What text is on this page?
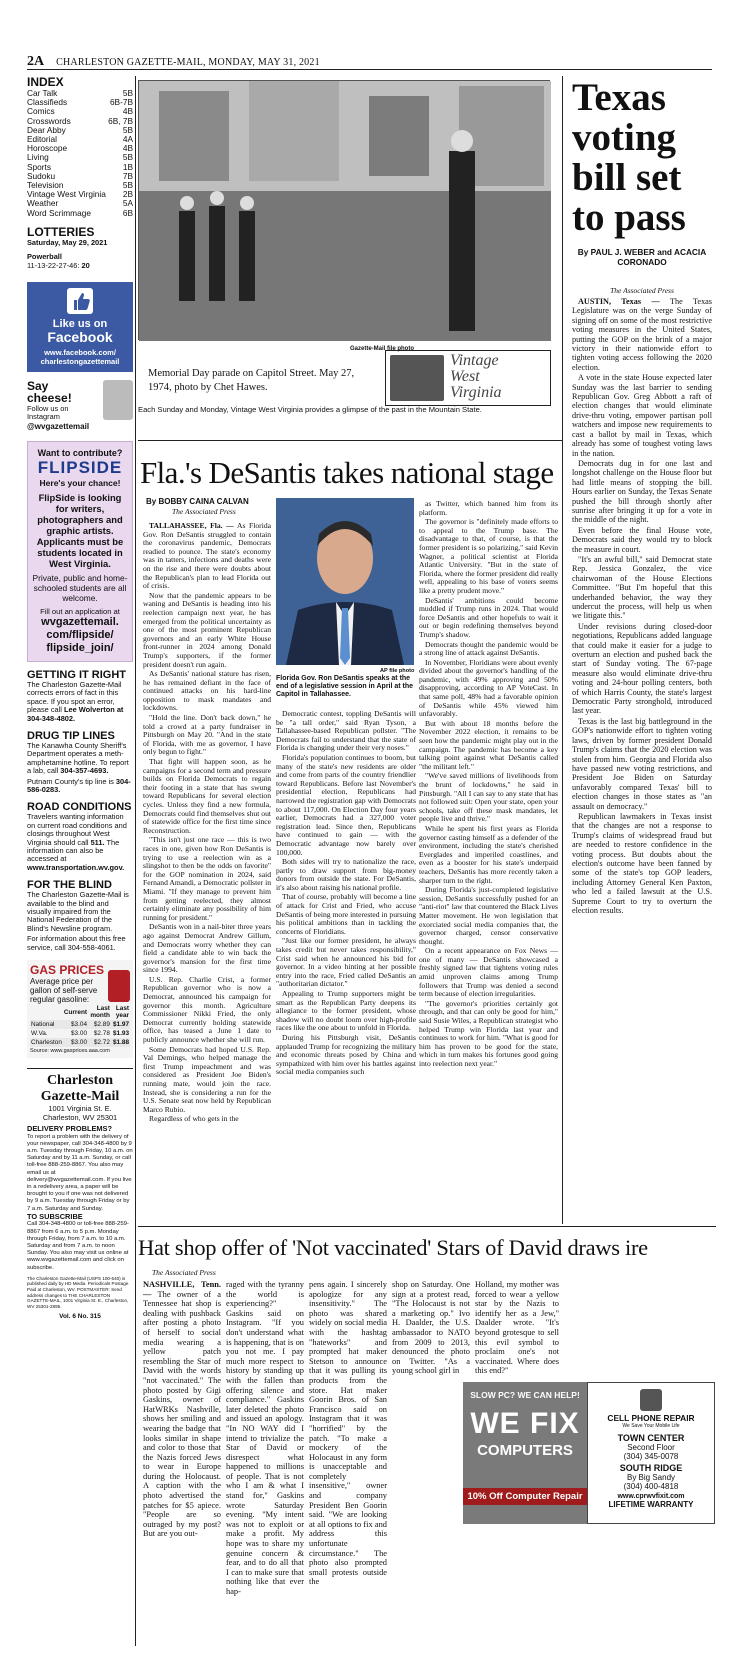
2A CHARLESTON GAZETTE-MAIL, MONDAY, MAY 31, 2021
INDEX
Car Talk	5B
Classifieds	6B-7B
Comics	4B
Crosswords	6B, 7B
Dear Abby	5B
Editorial	4A
Horoscope	4B
Living	5B
Sports	1B
Sudoku	7B
Television	5B
Vintage West Virginia 2B
Weather	5A
Word Scrimmage	6B
LOTTERIES
Saturday, May 29, 2021
Powerball
11-13-22-27-46: 20
Like us on
Facebook
www.facebook.com/
charlestongazettemail
Say
cheese!
Follow us on
Instagram
@wvgazettemail
Want to contribute?
FLIPSIDE
Here's your chance!
FlipSide is looking for writers, photographers and graphic artists. Applicants must be students located in West Virginia.
Private, public and home-schooled students are all welcome.
Fill out an application at
wvgazettemail. com/flipside/ flipside_join/
GETTING IT RIGHT
The Charleston Gazette-Mail corrects errors of fact in this space. If you spot an error, please call Lee Wolverton at 304-348-4802.
DRUG TIP LINES
The Kanawha County Sheriff's Department operates a meth-amphetamine hotline. To report a lab, call 304-357-4693.
Putnam County's tip line is 304-586-0283.
ROAD CONDITIONS
Travelers wanting information on current road conditions and closings throughout West Virginia should call 511. The information can also be accessed at www.transportation.wv.gov.
FOR THE BLIND
The Charleston Gazette-Mail is available to the blind and visually impaired from the National Federation of the Blind's Newsline program.
For information about this free service, call 304-558-4061.
GAS PRICES
Average price per gallon of self-serve regular gasoline:
	Current	Last month	Last year
National	$3.04	$2.89	$1.97
W.Va.	$3.00	$2.78	$1.93
Charleston	$3.00	$2.72	$1.88
Source: www.gasprices.aaa.com
Charleston Gazette-Mail
1001 Virginia St. E.
Charleston, WV 25301
DELIVERY PROBLEMS?
To report a problem with the delivery of your newspaper, call 304-348-4800 by 9 a.m. Tuesday through Friday, 10 a.m. on Saturday and by 11 a.m. Sunday, or call toll-free 888-259-8867. You also may email us at delivery@wvgazettemail.com. If you live in a redelivery area, a paper will be brought to you if one was not delivered by 9 a.m. Tuesday through Friday or by 7 a.m. Saturday and Sunday.
TO SUBSCRIBE
Call 304-348-4800 or toll-free 888-259-8867 from 6 a.m. to 5 p.m. Monday through Friday, from 7 a.m. to 10 a.m. Saturday and from 7 a.m. to noon Sunday. You also may visit us online at www.wvgazettemail.com and click on subscribe.
The Charleston Gazette-Mail (USPS 100-540) is published daily by HD Media. Periodicals Postage Paid at Charleston, WV. POSTMASTER: Send address changes to THE CHARLESTON GAZETTE-MAIL, 1001 Virginia St. E., Charleston, WV 25301-2895.
Vol. 6 No. 315
Gazette-Mail file photo
Memorial Day parade on Capitol Street. May 27, 1974, photo by Chet Hawes.
Vintage
West
Virginia
Each Sunday and Monday, Vintage West Virginia provides a glimpse of the past in the Mountain State.
Fla.'s DeSantis takes national stage
By BOBBY CAINA CALVAN
The Associated Press

TALLAHASSEE, Fla. — As Florida Gov. Ron DeSantis struggled to contain the coronavirus pandemic, Democrats readied to pounce. The state's economy was in tatters, infections and deaths were on the rise and there were doubts about the Republican's plan to lead Florida out of crisis.

Now that the pandemic appears to be waning and DeSantis is heading into his reelection campaign next year, he has emerged from the political uncertainty as one of the most prominent Republican governors and an early White House front-runner in 2024 among Donald Trump's supporters, if the former president doesn't run again.

As DeSantis' national stature has risen, he has remained defiant in the face of continued attacks on his hard-line opposition to mask mandates and lockdowns.

"Hold the line. Don't back down," he told a crowd at a party fundraiser in Pittsburgh on May 20. "And in the state of Florida, with me as governor, I have only begun to fight."

That fight will happen soon, as he campaigns for a second term and pressure builds on Florida Democrats to regain their footing in a state that has swung toward Republicans for several election cycles. Unless they find a new formula, Democrats could find themselves shut out of statewide office for the first time since Reconstruction.

"This isn't just one race — this is two races in one, given how Ron DeSantis is trying to use a reelection win as a slingshot to then be the odds on favorite" for the GOP nomination in 2024, said Fernand Amandi, a Democratic pollster in Miami. "If they manage to prevent him from getting reelected, they almost certainly eliminate any possibility of him running for president."

DeSantis won in a nail-biter three years ago against Democrat Andrew Gillum, and Democrats worry whether they can field a candidate able to win back the governor's mansion for the first time since 1994.

U.S. Rep. Charlie Crist, a former Republican governor who is now a Democrat, announced his campaign for governor this month. Agriculture Commissioner Nikki Fried, the only Democrat currently holding statewide office, has teased a June 1 date to publicly announce whether she will run.

Some Democrats had hoped U.S. Rep. Val Demings, who helped manage the first Trump impeachment and was considered as President Joe Biden's running mate, would join the race. Instead, she is considering a run for the U.S. Senate seat now held by Republican Marco Rubio.

Regardless of who gets in the

AP file photo
Florida Gov. Ron DeSantis speaks at the end of a legislative session in April at the Capitol in Tallahassee.

Democratic contest, toppling DeSantis will be "a tall order," said Ryan Tyson, a Tallahassee-based Republican pollster. "The Democrats fail to understand that the state of Florida is changing under their very noses."

Florida's population continues to boom, but many of the state's new residents are older and come from parts of the country friendlier toward Republicans. Before last November's presidential election, Republicans had narrowed the registration gap with Democrats to about 117,000. On Election Day four years earlier, Democrats had a 327,000 voter registration lead. Since then, Republicans have continued to gain — with the Democratic advantage now barely over 100,000.

Both sides will try to nationalize the race, partly to draw support from big-money donors from outside the state. For DeSantis, it's also about raising his national profile.

That of course, probably will become a line of attack for Crist and Fried, who accuse DeSantis of being more interested in pursuing his political ambitions than in tackling the concerns of Floridians.

"Just like our former president, he always takes credit but never takes responsibility," Crist said when he announced his bid for governor. In a video hinting at her possible entry into the race, Fried called DeSantis an "authoritarian dictator."

Appealing to Trump supporters might be smart as the Republican Party deepens its allegiance to the former president, whose shadow will no doubt loom over high-profile races like the one about to unfold in Florida.

During his Pittsburgh visit, DeSantis applauded Trump for recognizing the military and economic threats posed by China and sympathized with him over his battles against social media companies such

as Twitter, which banned him from its platform.

The governor is "definitely made efforts to to appeal to the Trump base. The disadvantage to that, of course, is that the former president is so polarizing," said Kevin Wagner, a political scientist at Florida Atlantic University. "But in the state of Florida, where the former president did really well, appealing to his base of voters seems like a pretty prudent move."

DeSantis' ambitions could become muddled if Trump runs in 2024. That would force DeSantis and other hopefuls to wait it out or begin redefining themselves beyond Trump's shadow.

Democrats thought the pandemic would be a strong line of attack against DeSantis.

In November, Floridians were about evenly divided about the governor's handling of the pandemic, with 49% approving and 50% disapproving, according to AP VoteCast. In that same poll, 48% had a favorable opinion of DeSantis while 45% viewed him unfavorably.

But with about 18 months before the November 2022 election, it remains to be seen how the pandemic might play out in the campaign. The pandemic has become a key talking point against what DeSantis called "the militant left."

"We've saved millions of livelihoods from the brunt of lockdowns," he said in Pittsburgh. "All I can say to any state that has not followed suit: Open your state, open your schools, take off these mask mandates, let people live and thrive."

While he spent his first years as Florida governor casting himself as a defender of the environment, including the state's cherished Everglades and imperiled coastlines, and even as a booster for his state's underpaid teachers, DeSantis has more recently taken a sharper turn to the right.

During Florida's just-completed legislative session, DeSantis successfully pushed for an "anti-riot" law that countered the Black Lives Matter movement. He won legislation that exorciated social media companies that, the governor charged, censor conservative thought.

On a recent appearance on Fox News — one of many — DeSantis showcased a freshly signed law that tightens voting rules amid unproven claims among Trump followers that Trump was denied a second term because of election irregularities.

"The governor's priorities certainly got through, and that can only be good for him," said Susie Wiles, a Republican strategist who helped Trump win Florida last year and continues to work for him. "What is good for him has proven to be good for the state, which in turn makes his fortunes good going into reelection next year."

Texas voting bill set to pass
By PAUL J. WEBER and ACACIA CORONADO
The Associated Press

AUSTIN, Texas — The Texas Legislature was on the verge Sunday of signing off on some of the most restrictive voting measures in the United States, putting the GOP on the brink of a major victory in their nationwide effort to tighten voting access following the 2020 election.

A vote in the state House expected later Sunday was the last barrier to sending Republican Gov. Greg Abbott a raft of election changes that would eliminate drive-thru voting, empower partisan poll watchers and impose new requirements to cast a ballot by mail in Texas, which already has some of toughest voting laws in the nation.

Democrats dug in for one last and longshot challenge on the House floor but had little means of stopping the bill. Hours earlier on Sunday, the Texas Senate pushed the bill through shortly after sunrise after bringing it up for a vote in the middle of the night.

Even before the final House vote, Democrats said they would try to block the measure in court.

"It's an awful bill," said Democrat state Rep. Jessica Gonzalez, the vice chairwoman of the House Elections Committee. "But I'm hopeful that this underhanded behavior, the way they undercut the process, will help us when we litigate this."

Under revisions during closed-door negotiations, Republicans added language that could make it easier for a judge to overturn an election and pushed back the start of Sunday voting. The 67-page measure also would eliminate drive-thru voting and 24-hour polling centers, both of which Harris County, the state's largest Democratic Party stronghold, introduced last year.

Texas is the last big battleground in the GOP's nationwide effort to tighten voting laws, driven by former president Donald Trump's claims that the 2020 election was stolen from him. Georgia and Florida also have passed new voting restrictions, and President Joe Biden on Saturday unfavorably compared Texas' bill to election changes in those states as "an assault on democracy."

Republican lawmakers in Texas insist that the changes are not a response to Trump's claims of widespread fraud but are needed to restore confidence in the voting process. But doubts about the election's outcome have been fanned by some of the state's top GOP leaders, including Attorney General Ken Paxton, who led a failed lawsuit at the U.S. Supreme Court to try to overturn the election results.

Hat shop offer of 'Not vaccinated' Stars of David draws ire
The Associated Press
NASHVILLE, Tenn. — The owner of a Tennessee hat shop is dealing with pushback after posting a photo of herself to social media wearing a yellow patch resembling the Star of David with the words "not vaccinated." The photo posted by Gigi Gaskins, owner of HatWRKs Nashville, shows her smiling and wearing the badge that looks similar in shape and color to those that the Nazis forced Jews to wear in Europe during the Holocaust. A caption with the photo advertised the patches for $5 apiece. "People are so outraged by my post? But are you out-
raged with the tyranny the world is experiencing?" Gaskins said on Instagram. "If you don't understand what is happening, that is on you not me. I pay much more respect to history by standing up with the fallen than offering silence and compliance." Gaskins later deleted the photo and issued an apology. "In NO WAY did I intend to trivialize the Star of David or disrespect what happened to millions of people. That is not who I am & what I stand for," Gaskins wrote Saturday evening. "My intent was not to exploit or make a profit. My hope was to share my genuine concern & fear, and to do all that I can to make sure that nothing like that ever hap-
pens again. I sincerely apologize for any insensitivity." The photo was shared widely on social media with the hashtag "hateworks" and prompted hat maker Stetson to announce that it was pulling its products from the store. Hat maker Goorin Bros. of San Francisco said on Instagram that it was "horrified" by the patch. "To make a mockery of the Holocaust in any form is unacceptable and completely insensitive," owner and company President Ben Goorin said. "We are looking at all options to fix and address this unfortunate circumstance." The photo also prompted small protests outside the
shop on Saturday. One sign at a protest read, "The Holocaust is not a marketing op." Ivo H. Daalder, the U.S. ambassador to NATO from 2009 to 2013, denounced the photo on Twitter. "As a young school girl in
Holland, my mother was forced to wear a yellow star by the Nazis to identify her as a Jew," Daalder wrote. "It's beyond grotesque to sell this evil symbol to proclaim one's not vaccinated. Where does this end?"
SLOW PC? WE CAN HELP!
WE FIX
COMPUTERS
10% Off Computer Repair
CELL PHONE REPAIR
We Save Your Mobile Life
TOWN CENTER
Second Floor
(304) 345-0078
SOUTH RIDGE
By Big Sandy
(304) 400-4818
www.cprwvfixit.com
LIFETIME WARRANTY
